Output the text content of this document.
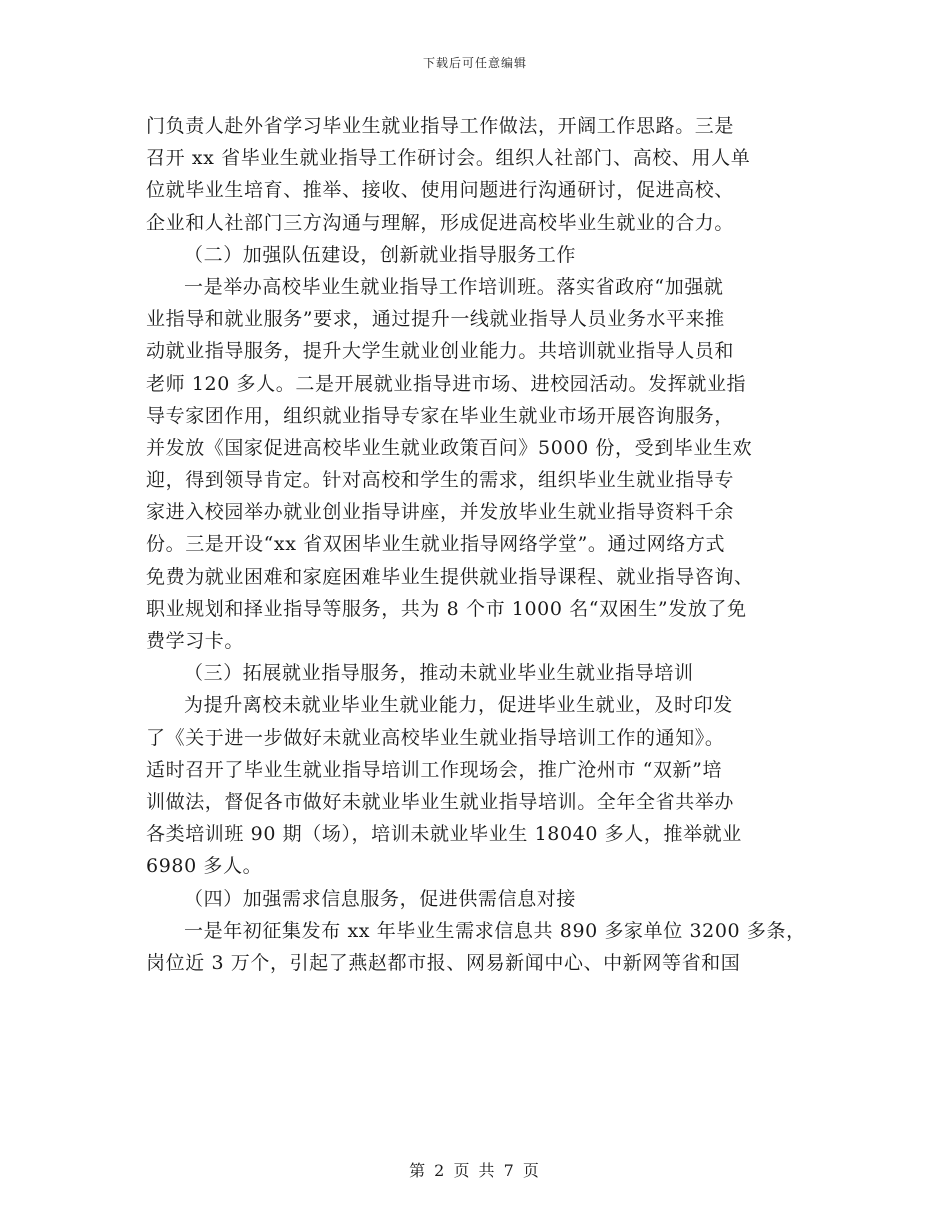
下载后可任意编辑
门负责人赴外省学习毕业生就业指导工作做法，开阔工作思路。三是
召开 xx 省毕业生就业指导工作研讨会。组织人社部门、高校、用人单
位就毕业生培育、推举、接收、使用问题进行沟通研讨，促进高校、
企业和人社部门三方沟通与理解，形成促进高校毕业生就业的合力。
（二）加强队伍建设，创新就业指导服务工作
一是举办高校毕业生就业指导工作培训班。落实省政府“加强就
业指导和就业服务”要求，通过提升一线就业指导人员业务水平来推
动就业指导服务，提升大学生就业创业能力。共培训就业指导人员和
老师 120 多人。二是开展就业指导进市场、进校园活动。发挥就业指
导专家团作用，组织就业指导专家在毕业生就业市场开展咨询服务，
并发放《国家促进高校毕业生就业政策百问》5000 份，受到毕业生欢
迎，得到领导肯定。针对高校和学生的需求，组织毕业生就业指导专
家进入校园举办就业创业指导讲座，并发放毕业生就业指导资料千余
份。三是开设“xx 省双困毕业生就业指导网络学堂”。通过网络方式
免费为就业困难和家庭困难毕业生提供就业指导课程、就业指导咨询、
职业规划和择业指导等服务，共为 8 个市 1000 名“双困生”发放了免
费学习卡。
（三）拓展就业指导服务，推动未就业毕业生就业指导培训
为提升离校未就业毕业生就业能力，促进毕业生就业，及时印发
了《关于进一步做好未就业高校毕业生就业指导培训工作的通知》。
适时召开了毕业生就业指导培训工作现场会，推广沧州市 “双新”培
训做法，督促各市做好未就业毕业生就业指导培训。全年全省共举办
各类培训班 90 期（场），培训未就业毕业生 18040 多人，推举就业
6980 多人。
（四）加强需求信息服务，促进供需信息对接
一是年初征集发布 xx 年毕业生需求信息共 890 多家单位 3200 多条，
岗位近 3 万个，引起了燕赵都市报、网易新闻中心、中新网等省和国
第 2 页 共 7 页
